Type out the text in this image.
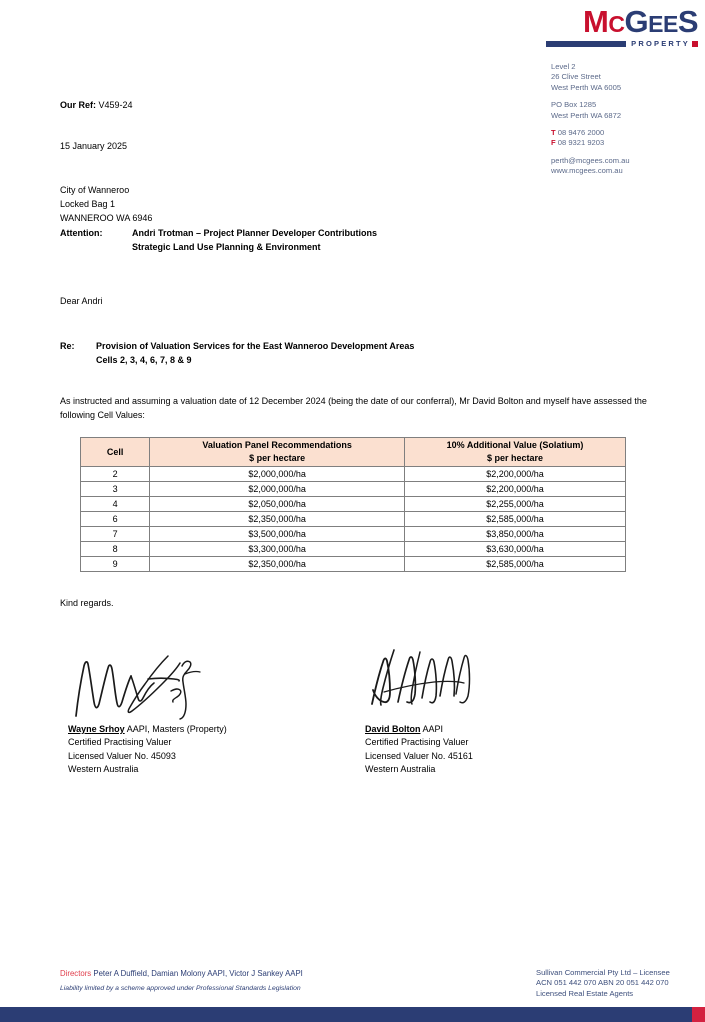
MCGEES
PROPERTY
Level 2
26 Clive Street
West Perth WA 6005
PO Box 1285
West Perth WA 6872
T 08 9476 2000
F 08 9321 9203
perth@mcgees.com.au
www.mcgees.com.au
Our Ref: V459-24
15 January 2025
City of Wanneroo
Locked Bag 1
WANNEROO WA 6946
Attention:	Andri Trotman – Project Planner Developer Contributions
Strategic Land Use Planning & Environment
Dear Andri
Re:	Provision of Valuation Services for the East Wanneroo Development Areas
Cells 2, 3, 4, 6, 7, 8 & 9
As instructed and assuming a valuation date of 12 December 2024 (being the date of our conferral), Mr David Bolton and myself have assessed the following Cell Values:
Cell

Valuation Panel Recommendations
$ per hectare

10% Additional Value (Solatium)
$ per hectare

2	$2,000,000/ha	$2,200,000/ha
3	$2,000,000/ha	$2,200,000/ha
4	$2,050,000/ha	$2,255,000/ha
6	$2,350,000/ha	$2,585,000/ha
7	$3,500,000/ha	$3,850,000/ha
8	$3,300,000/ha	$3,630,000/ha
9	$2,350,000/ha	$2,585,000/ha
Kind regards.
Wayne Srhoy AAPI, Masters (Property)
Certified Practising Valuer
Licensed Valuer No. 45093
Western Australia
David Bolton AAPI
Certified Practising Valuer
Licensed Valuer No. 45161
Western Australia
Directors Peter A Duffield, Damian Molony AAPI, Victor J Sankey AAPI
Liability limited by a scheme approved under Professional Standards Legislation
Sullivan Commercial Pty Ltd – Licensee
ACN 051 442 070 ABN 20 051 442 070
Licensed Real Estate Agents
